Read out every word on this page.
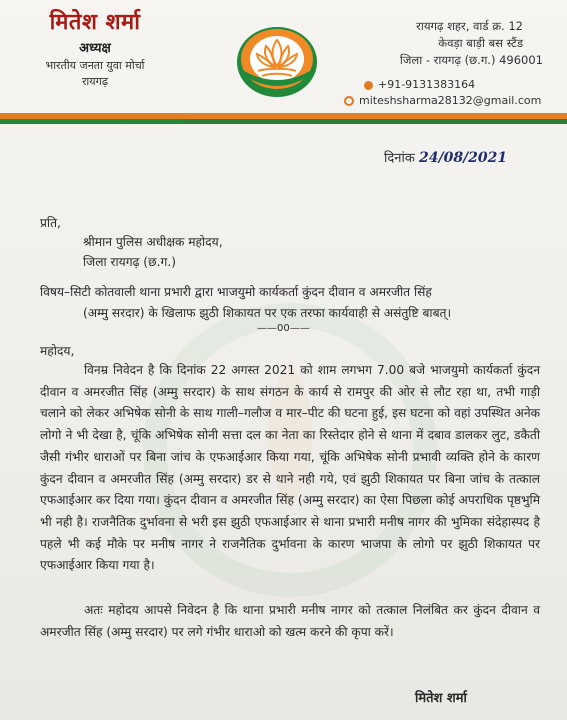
मितेश शर्मा
अध्यक्ष
भारतीय जनता युवा मोर्चा
रायगढ़
रायगढ़ शहर, वार्ड क्र. 12
केवड़ा बाड़ी बस स्टैंड
जिला - रायगढ़ (छ.ग.) 496001
+91-9131383164
miteshsharma28132@gmail.com
दिनांक 24/08/2021
प्रति,
श्रीमान पुलिस अधीक्षक महोदय,
जिला रायगढ़ (छ.ग.)
विषय–सिटी कोतवाली थाना प्रभारी द्वारा भाजयुमो कार्यकर्ता कुंदन दीवान व अमरजीत सिंह
(अम्मु सरदार) के खिलाफ झुठी शिकायत पर एक तरफा कार्यवाही से असंतुष्टि बाबत्।
——00——
महोदय,
विनम्र निवेदन है कि दिनांक 22 अगस्त 2021 को शाम लगभग 7.00 बजे भाजयुमो कार्यकर्ता कुंदन दीवान व अमरजीत सिंह (अम्मु सरदार) के साथ संगठन के कार्य से रामपुर की ओर से लौट रहा था, तभी गाड़ी चलाने को लेकर अभिषेक सोनी के साथ गाली–गलौज व मार–पीट की घटना हुई, इस घटना को वहां उपस्थित अनेक लोगो ने भी देखा है, चूंकि अभिषेक सोनी सत्ता दल का नेता का रिस्तेदार होने से थाना में दबाव डालकर लुट, डकैती जैसी गंभीर धाराओं पर बिना जांच के एफआईआर किया गया, चूंकि अभिषेक सोनी प्रभावी व्यक्ति होने के कारण कुंदन दीवान व अमरजीत सिंह (अम्मु सरदार) डर से थाने नही गये, एवं झुठी शिकायत पर बिना जांच के तत्काल एफआईआर कर दिया गया। कुंदन दीवान व अमरजीत सिंह (अम्मु सरदार) का ऐसा पिछला कोई अपराधिक पृष्ठभुमि भी नही है। राजनैतिक दुर्भावना से भरी इस झुठी एफआईआर से थाना प्रभारी मनीष नागर की भुमिका संदेहास्पद है पहले भी कई मौके पर मनीष नागर ने राजनैतिक दुर्भावना के कारण भाजपा के लोगो पर झुठी शिकायत पर एफआईआर किया गया है।
अतः महोदय आपसे निवेदन है कि थाना प्रभारी मनीष नागर को तत्काल निलंबित कर कुंदन दीवान व अमरजीत सिंह (अम्मु सरदार) पर लगे गंभीर धाराओ को खत्म करने की कृपा करें।
मितेश शर्मा
